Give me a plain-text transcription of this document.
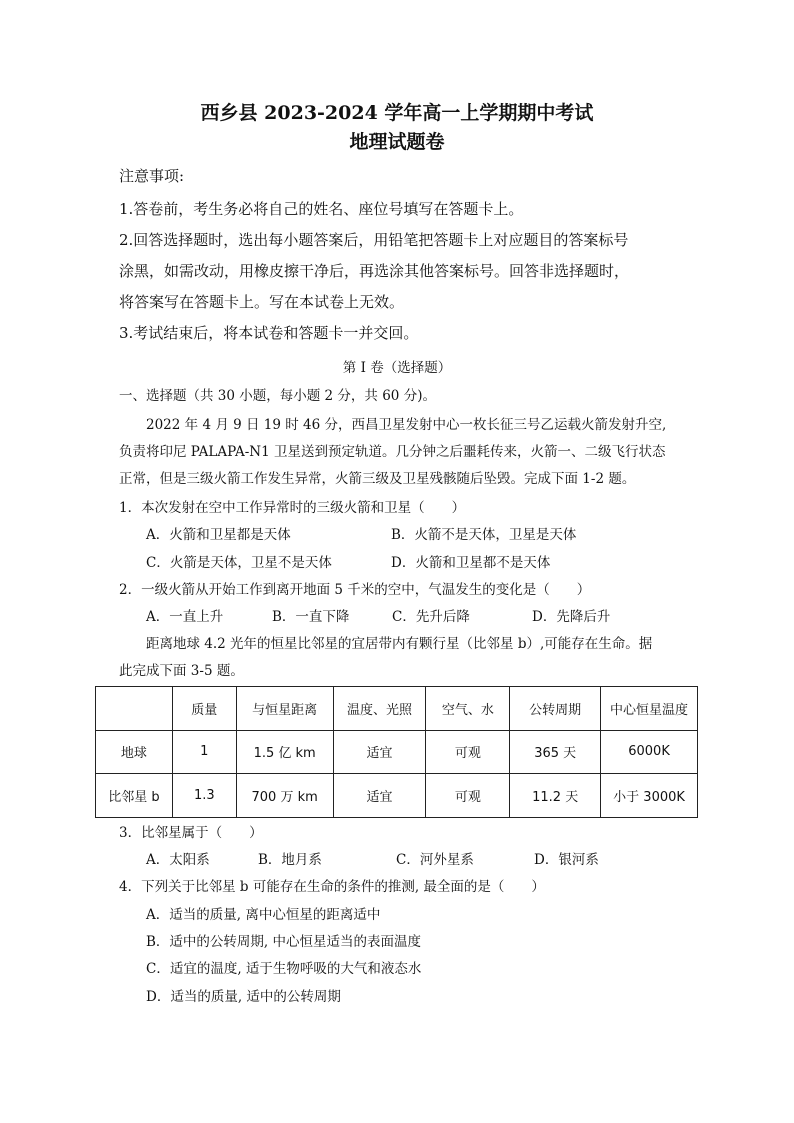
西乡县 2023-2024 学年高一上学期期中考试
地理试题卷
注意事项:
1.答卷前，考生务必将自己的姓名、座位号填写在答题卡上。
2.回答选择题时，选出每小题答案后，用铅笔把答题卡上对应题目的答案标号
涂黑，如需改动，用橡皮擦干净后，再选涂其他答案标号。回答非选择题时，
将答案写在答题卡上。写在本试卷上无效。
3.考试结束后，将本试卷和答题卡一并交回。
第 I 卷（选择题）
一、选择题（共 30 小题，每小题 2 分，共 60 分)。
2022 年 4 月 9 日 19 时 46 分，西昌卫星发射中心一枚长征三号乙运载火箭发射升空,
负责将印尼 PALAPA-N1 卫星送到预定轨道。几分钟之后噩耗传来，火箭一、二级飞行状态
正常，但是三级火箭工作发生异常，火箭三级及卫星残骸随后坠毁。完成下面 1-2 题。
1．本次发射在空中工作异常时的三级火箭和卫星（　　）
A．火箭和卫星都是天体	B．火箭不是天体，卫星是天体
C．火箭是天体，卫星不是天体	D．火箭和卫星都不是天体
2．一级火箭从开始工作到离开地面 5 千米的空中，气温发生的变化是（　　）
A．一直上升	B．一直下降	C．先升后降	D．先降后升
距离地球 4.2 光年的恒星比邻星的宜居带内有颗行星（比邻星 b）,可能存在生命。据
此完成下面 3-5 题。
	质量	与恒星距离	温度、光照	空气、水	公转周期	中心恒星温度
地球	1	1.5 亿 km	适宜	可观	365 天	6000K
比邻星 b	1.3	700 万 km	适宜	可观	11.2 天	小于 3000K
3．比邻星属于（　　）
A．太阳系	B．地月系	C．河外星系	D．银河系
4．下列关于比邻星 b 可能存在生命的条件的推测, 最全面的是（　　）
A．适当的质量, 离中心恒星的距离适中
B．适中的公转周期, 中心恒星适当的表面温度
C．适宜的温度, 适于生物呼吸的大气和液态水
D．适当的质量, 适中的公转周期
